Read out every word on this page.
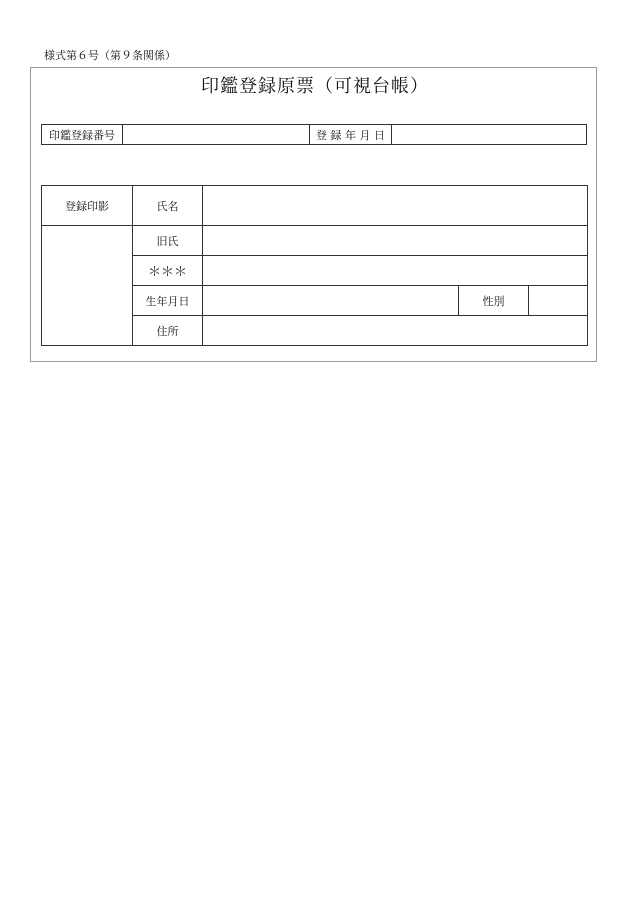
様式第６号（第９条関係）
印鑑登録原票（可視台帳）
印鑑登録番号		登 録 年 月 日	
登録印影	氏名			
	旧氏			
	＊＊＊			
	生年月日		性別	
	住所			
